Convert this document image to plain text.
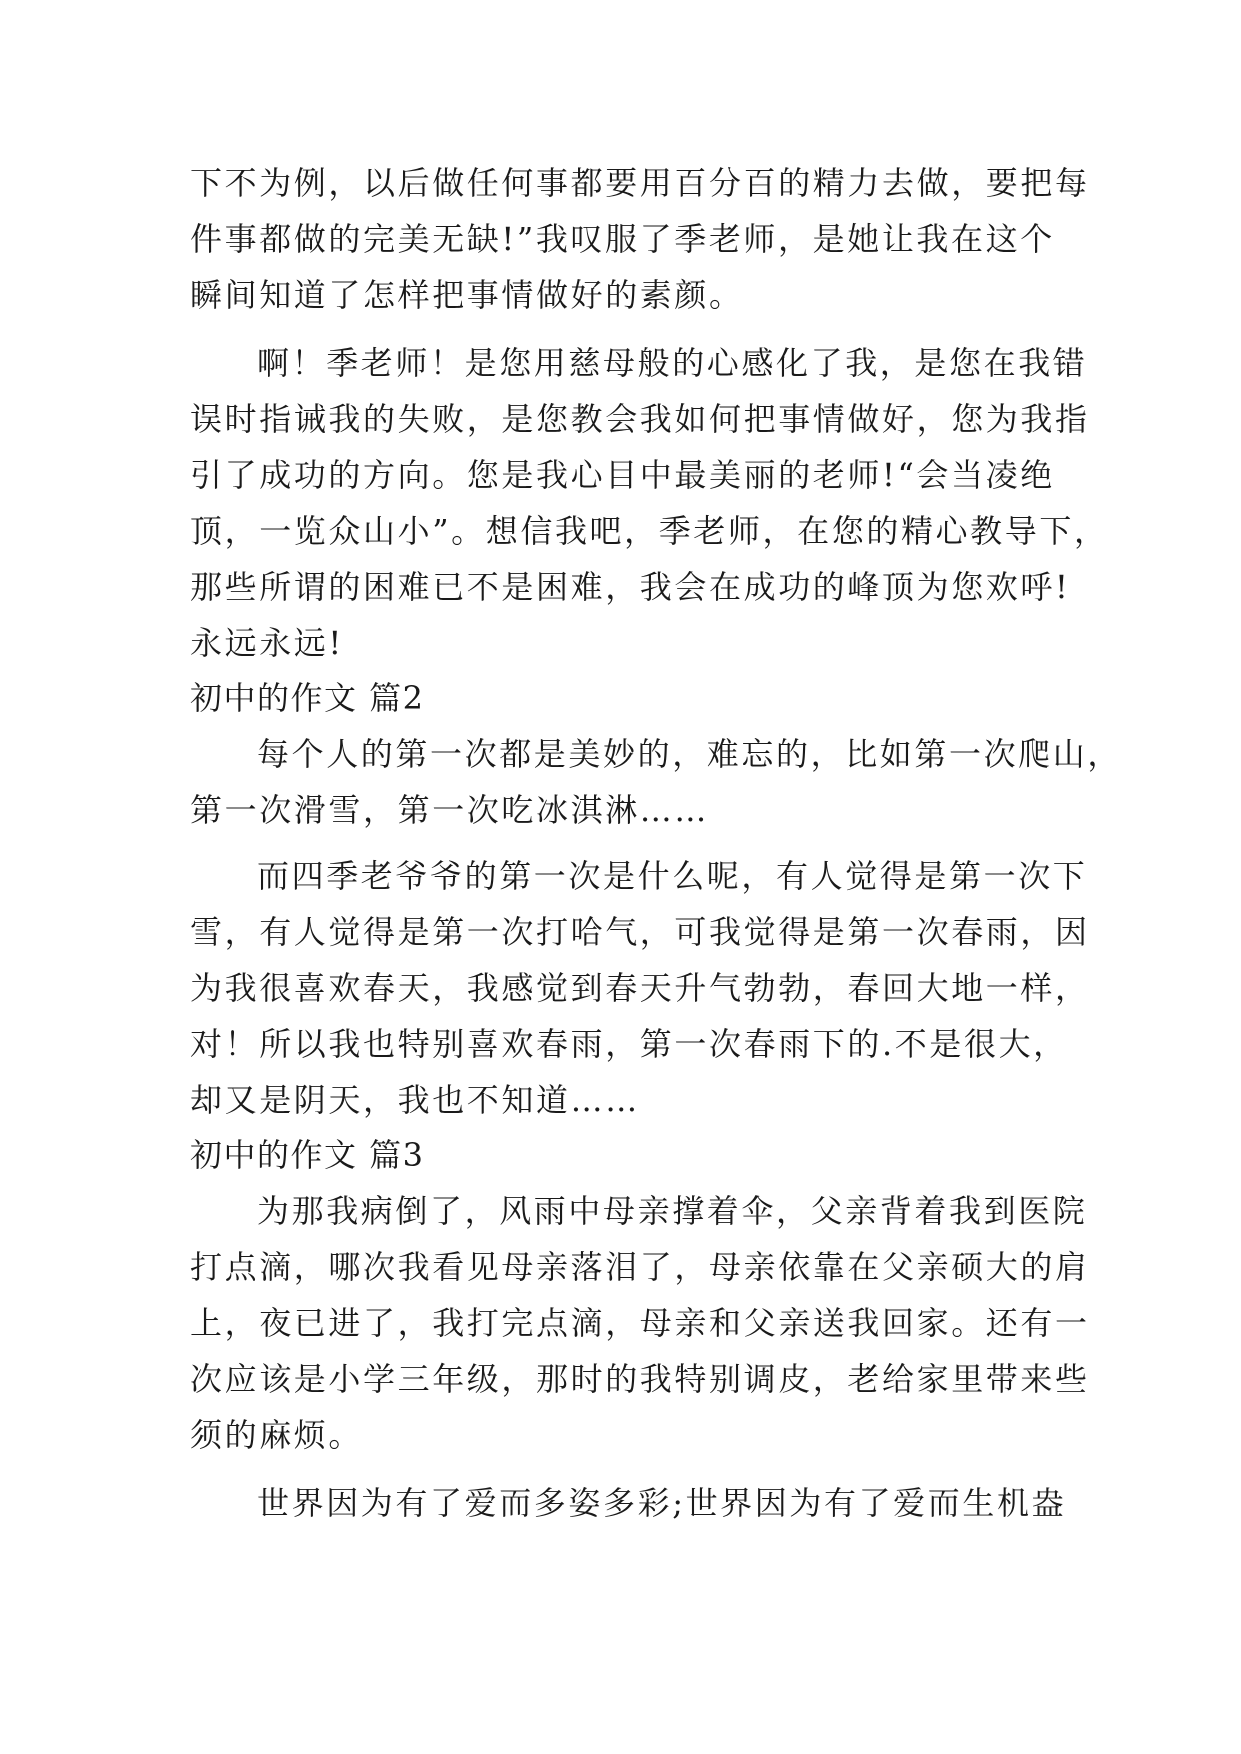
下不为例，以后做任何事都要用百分百的精力去做，要把每
件事都做的完美无缺!”我叹服了季老师，是她让我在这个
瞬间知道了怎样把事情做好的素颜。
啊！季老师！是您用慈母般的心感化了我，是您在我错
误时指诫我的失败，是您教会我如何把事情做好，您为我指
引了成功的方向。您是我心目中最美丽的老师!“会当凌绝
顶，一览众山小”。想信我吧，季老师，在您的精心教导下，
那些所谓的困难已不是困难，我会在成功的峰顶为您欢呼!
永远永远!
初中的作文 篇2
每个人的第一次都是美妙的，难忘的，比如第一次爬山，
第一次滑雪，第一次吃冰淇淋……
而四季老爷爷的第一次是什么呢，有人觉得是第一次下
雪，有人觉得是第一次打哈气，可我觉得是第一次春雨，因
为我很喜欢春天，我感觉到春天升气勃勃，春回大地一样，
对！所以我也特别喜欢春雨，第一次春雨下的.不是很大，
却又是阴天，我也不知道……
初中的作文 篇3
为那我病倒了，风雨中母亲撑着伞，父亲背着我到医院
打点滴，哪次我看见母亲落泪了，母亲依靠在父亲硕大的肩
上，夜已进了，我打完点滴，母亲和父亲送我回家。还有一
次应该是小学三年级，那时的我特别调皮，老给家里带来些
须的麻烦。
世界因为有了爱而多姿多彩;世界因为有了爱而生机盎
